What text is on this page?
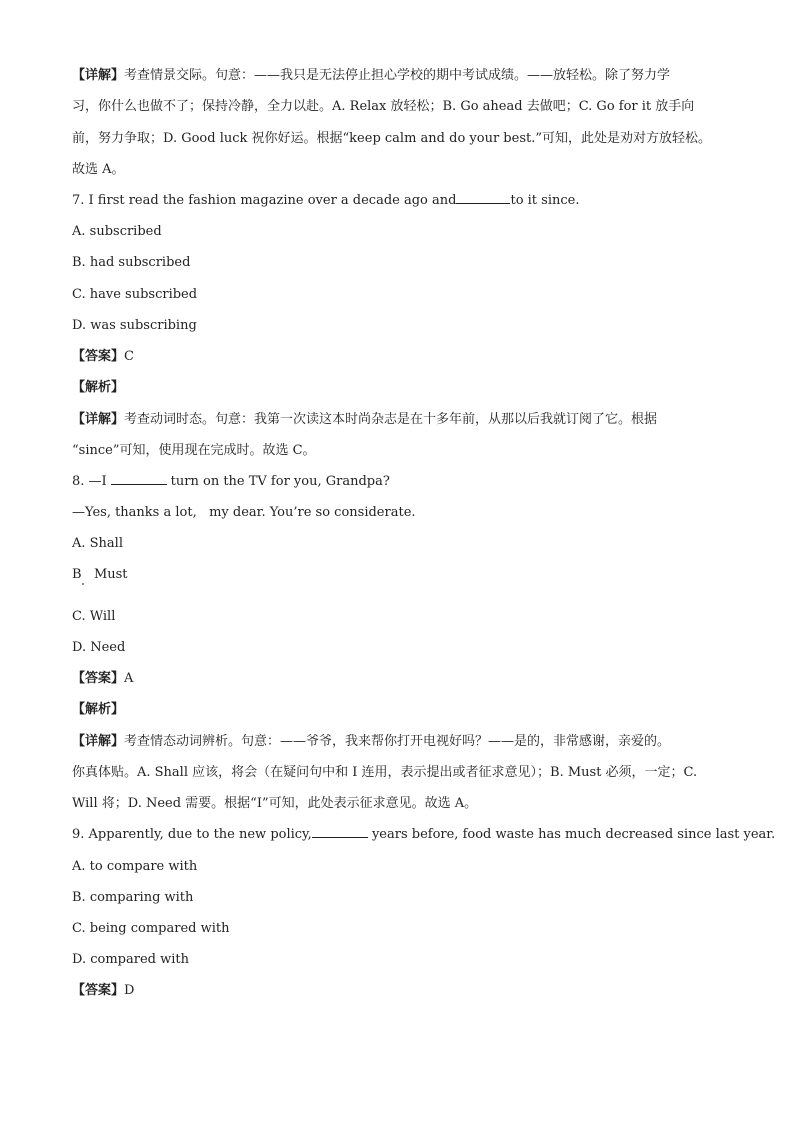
【详解】考查情景交际。句意：——我只是无法停止担心学校的期中考试成绩。——放轻松。除了努力学
习，你什么也做不了；保持冷静，全力以赴。A. Relax 放轻松；B. Go ahead 去做吧；C. Go for it 放手向
前，努力争取；D. Good luck 祝你好运。根据“keep calm and do your best.”可知，此处是劝对方放轻松。
故选 A。
7. I first read the fashion magazine over a decade ago and	to it since.
A. subscribed
B. had subscribed
C. have subscribed
D. was subscribing
【答案】C
【解析】
【详解】考查动词时态。句意：我第一次读这本时尚杂志是在十多年前，从那以后我就订阅了它。根据
“since”可知，使用现在完成时。故选 C。
8. —I	turn on the TV for you, Grandpa?
—Yes, thanks a lot,   my dear. You’re so considerate.
A. Shall
B   Must
C. Will
D. Need
【答案】A
【解析】
【详解】考查情态动词辨析。句意：——爷爷，我来帮你打开电视好吗？——是的，非常感谢，亲爱的。
你真体贴。A. Shall 应该，将会（在疑问句中和 I 连用，表示提出或者征求意见）；B. Must 必须，一定；C.
Will 将；D. Need 需要。根据“I”可知，此处表示征求意见。故选 A。
9. Apparently, due to the new policy,	years before, food waste has much decreased since last year.
A. to compare with
B. comparing with
C. being compared with
D. compared with
【答案】D
